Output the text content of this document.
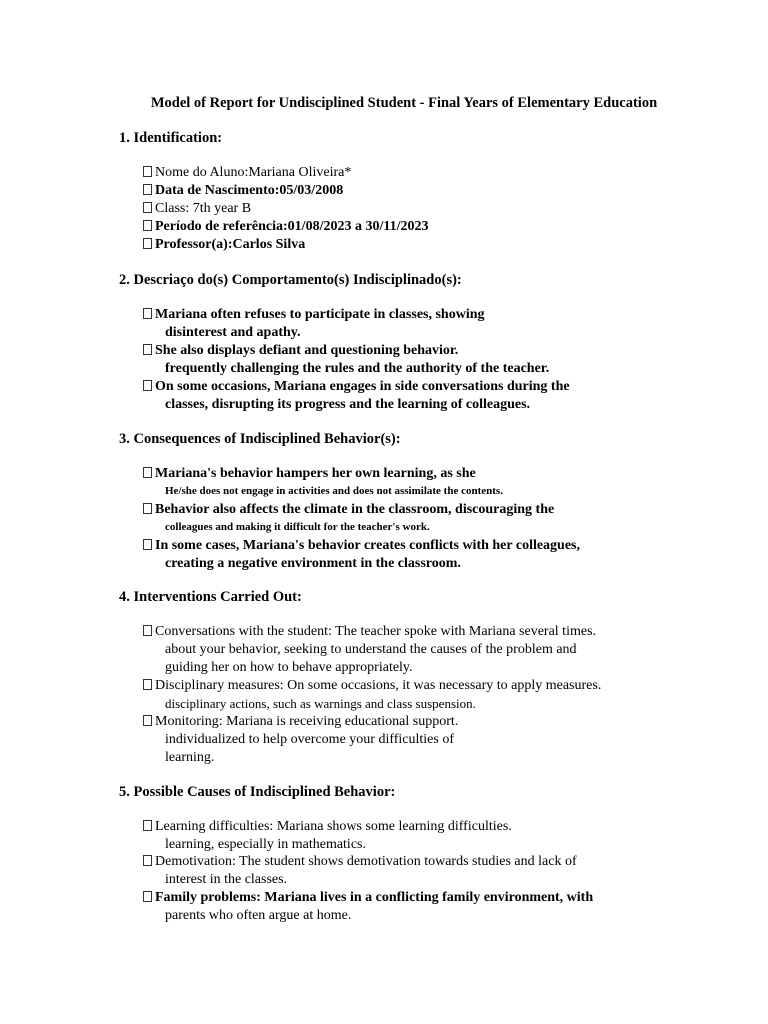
Model of Report for Undisciplined Student - Final Years of Elementary Education
1. Identification:
Nome do Aluno:Mariana Oliveira*
Data de Nascimento:05/03/2008
Class: 7th year B
Período de referência:01/08/2023 a 30/11/2023
Professor(a):Carlos Silva
2. Descriaço do(s) Comportamento(s) Indisciplinado(s):
Mariana often refuses to participate in classes, showing
disinterest and apathy.
She also displays defiant and questioning behavior.
frequently challenging the rules and the authority of the teacher.
On some occasions, Mariana engages in side conversations during the
classes, disrupting its progress and the learning of colleagues.
3. Consequences of Indisciplined Behavior(s):
Mariana's behavior hampers her own learning, as she
He/she does not engage in activities and does not assimilate the contents.
Behavior also affects the climate in the classroom, discouraging the
colleagues and making it difficult for the teacher's work.
In some cases, Mariana's behavior creates conflicts with her colleagues,
creating a negative environment in the classroom.
4. Interventions Carried Out:
Conversations with the student: The teacher spoke with Mariana several times.
about your behavior, seeking to understand the causes of the problem and
guiding her on how to behave appropriately.
Disciplinary measures: On some occasions, it was necessary to apply measures.
disciplinary actions, such as warnings and class suspension.
Monitoring: Mariana is receiving educational support.
individualized to help overcome your difficulties of
learning.
5. Possible Causes of Indisciplined Behavior:
Learning difficulties: Mariana shows some learning difficulties.
learning, especially in mathematics.
Demotivation: The student shows demotivation towards studies and lack of
interest in the classes.
Family problems: Mariana lives in a conflicting family environment, with
parents who often argue at home.
